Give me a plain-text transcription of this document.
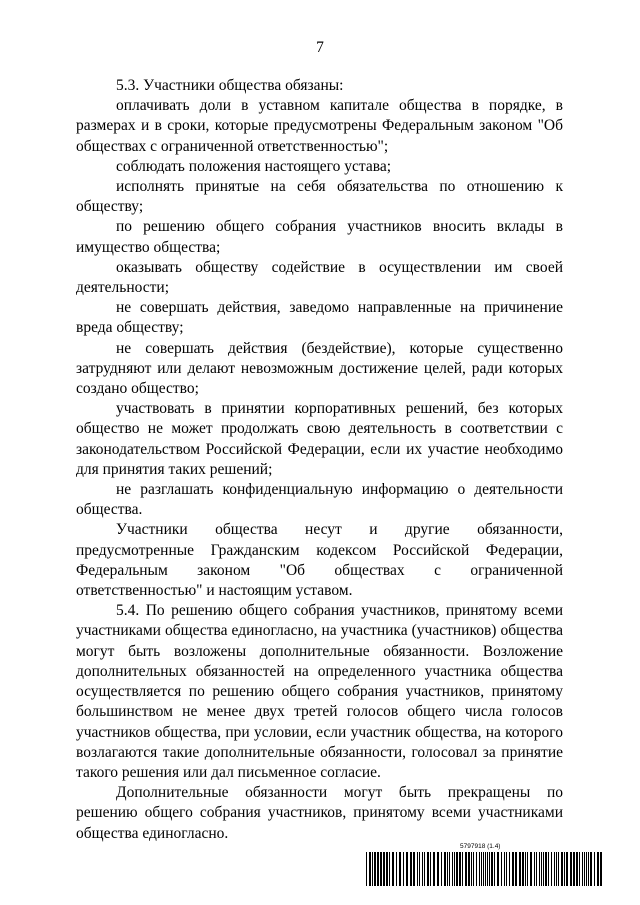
7

5.3. Участники общества обязаны:

оплачивать доли в уставном капитале общества в порядке, в размерах и в сроки, которые предусмотрены Федеральным законом "Об обществах с ограниченной ответственностью";

соблюдать положения настоящего устава;

исполнять принятые на себя обязательства по отношению к обществу;

по решению общего собрания участников вносить вклады в имущество общества;

оказывать обществу содействие в осуществлении им своей деятельности;

не совершать действия, заведомо направленные на причинение вреда обществу;

не совершать действия (бездействие), которые существенно затрудняют или делают невозможным достижение целей, ради которых создано общество;

участвовать в принятии корпоративных решений, без которых общество не может продолжать свою деятельность в соответствии с законодательством Российской Федерации, если их участие необходимо для принятия таких решений;

не разглашать конфиденциальную информацию о деятельности общества.

Участники общества несут и другие обязанности, предусмотренные Гражданским кодексом Российской Федерации, Федеральным законом "Об обществах с ограниченной ответственностью" и настоящим уставом.

5.4. По решению общего собрания участников, принятому всеми участниками общества единогласно, на участника (участников) общества могут быть возложены дополнительные обязанности. Возложение дополнительных обязанностей на определенного участника общества осуществляется по решению общего собрания участников, принятому большинством не менее двух третей голосов общего числа голосов участников общества, при условии, если участник общества, на которого возлагаются такие дополнительные обязанности, голосовал за принятие такого решения или дал письменное согласие.

Дополнительные обязанности могут быть прекращены по решению общего собрания участников, принятому всеми участниками общества единогласно.

5797918 (1.4)
